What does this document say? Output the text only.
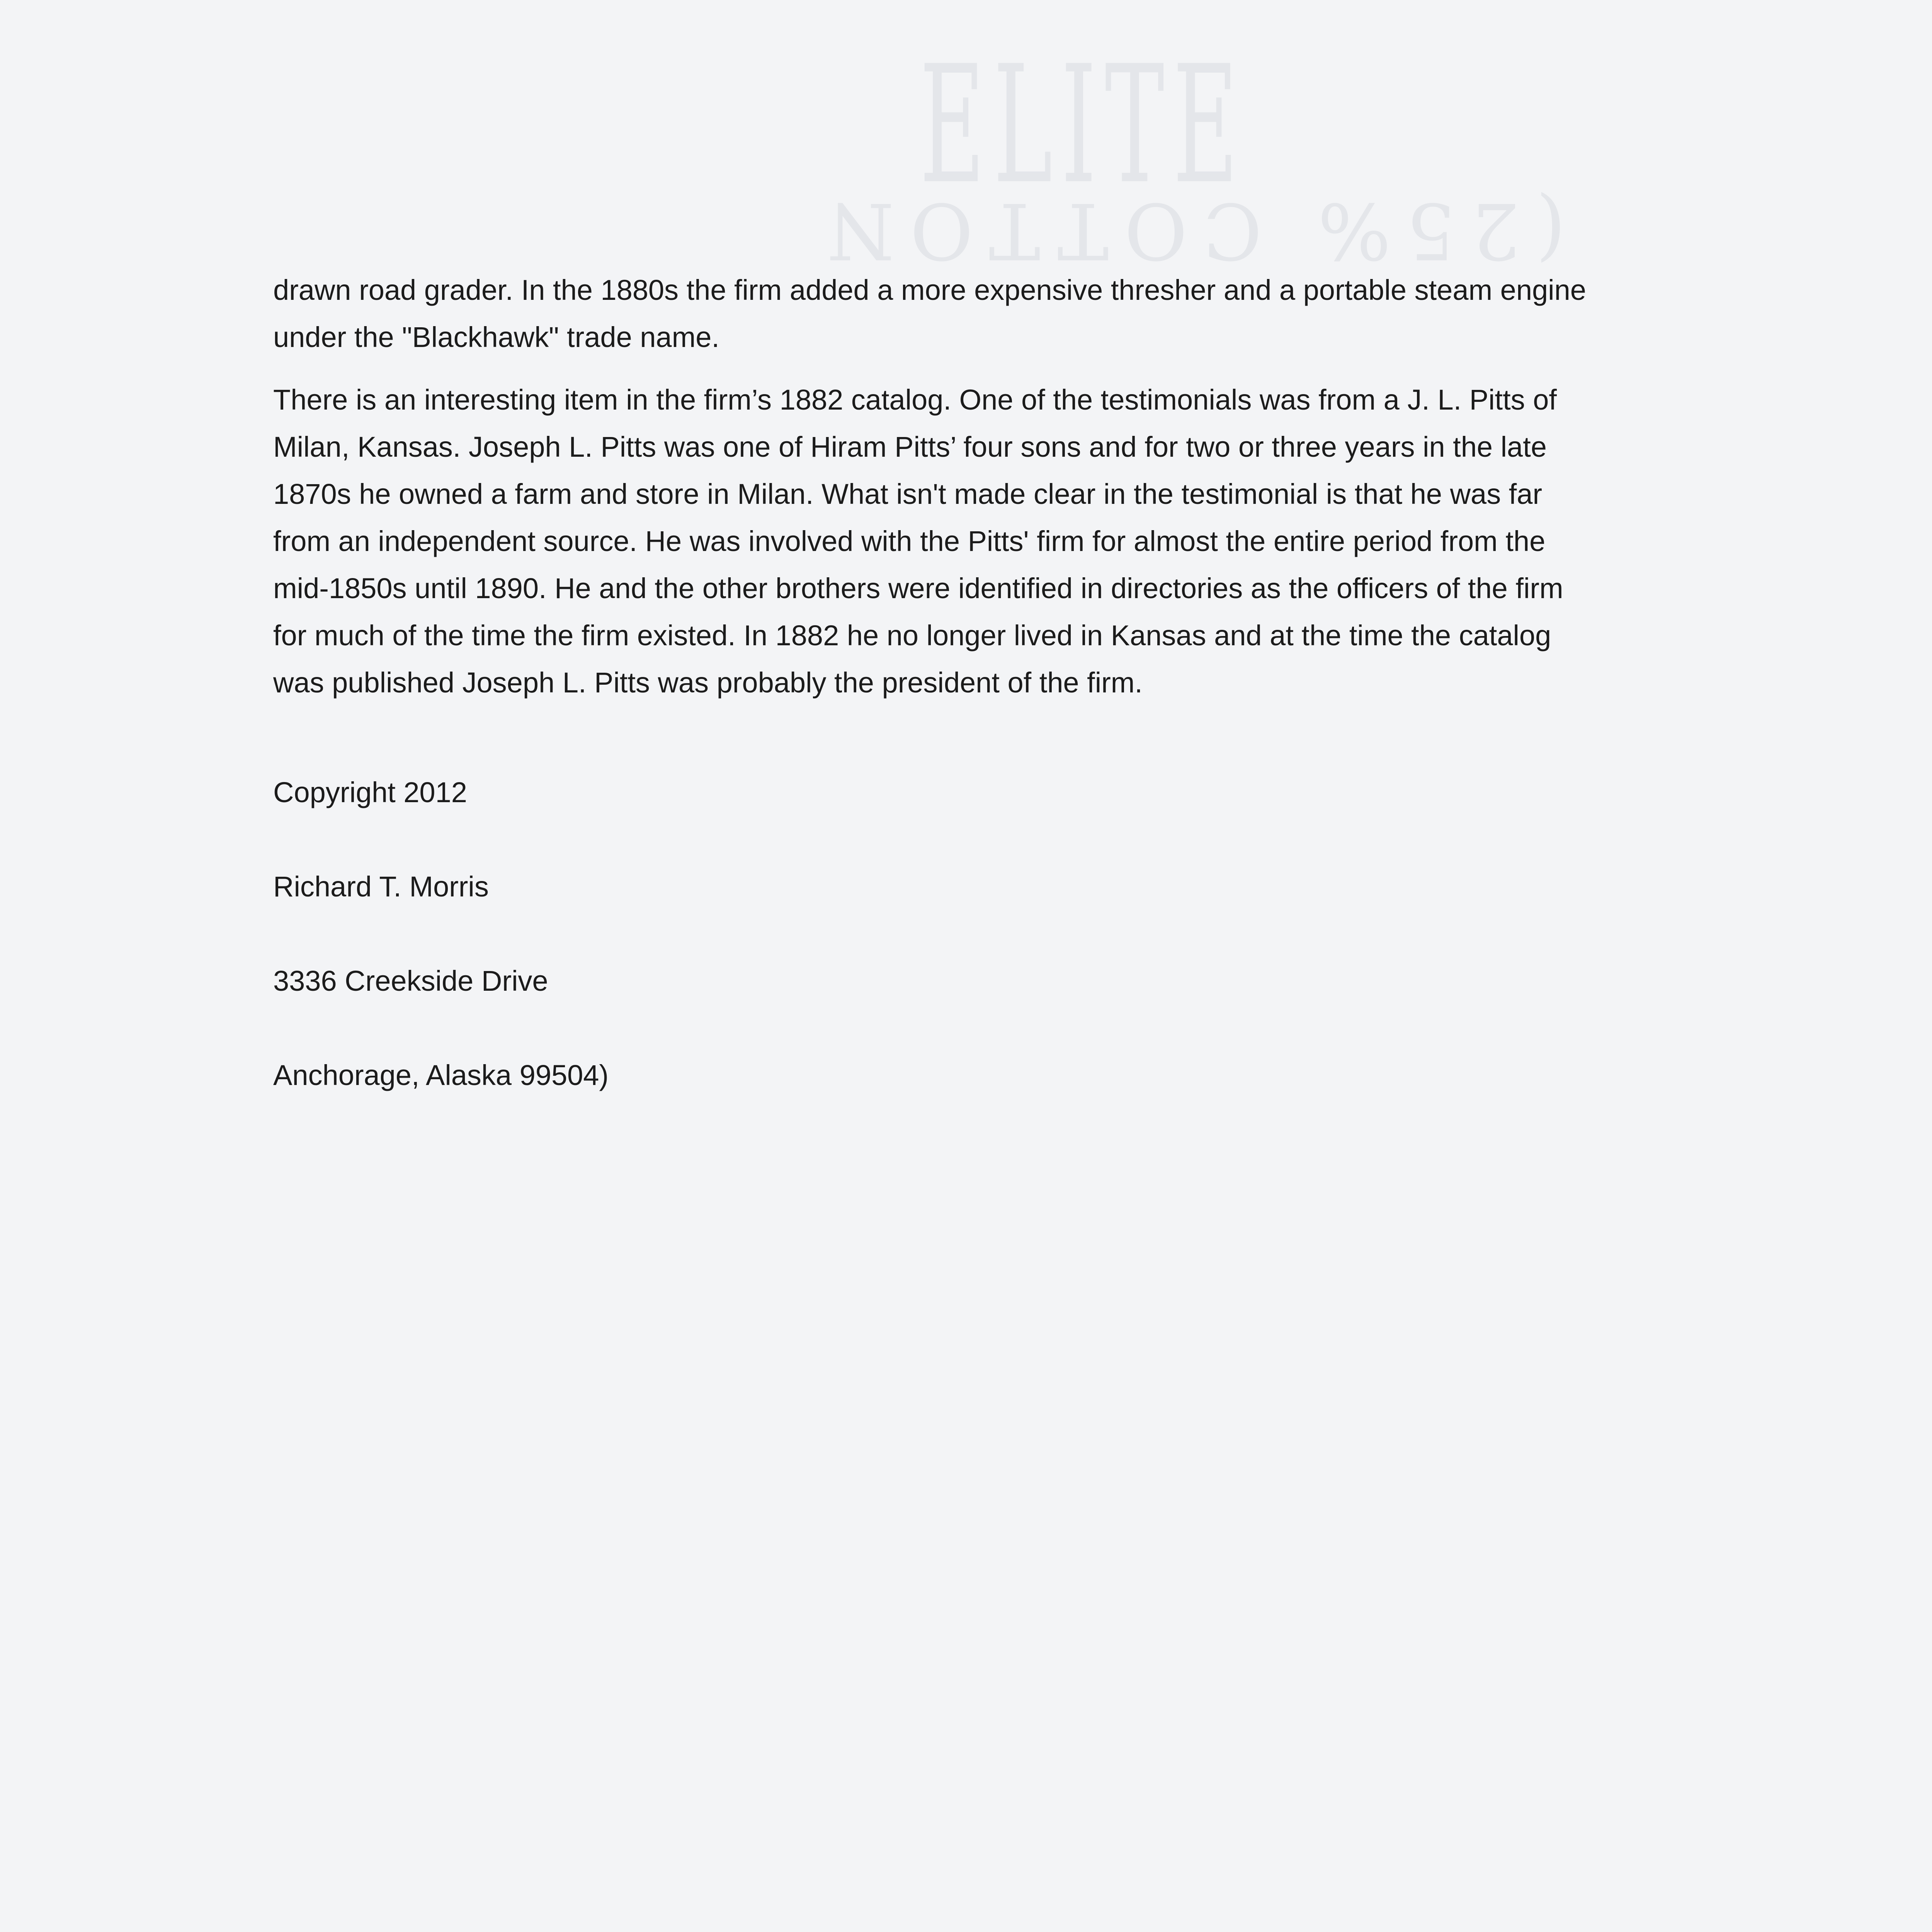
ELITE
(25% COTTON

drawn road grader. In the 1880s the firm added a more expensive thresher and a portable steam engine
under the "Blackhawk" trade name.

There is an interesting item in the firm’s 1882 catalog. One of the testimonials was from a J. L. Pitts of
Milan, Kansas. Joseph L. Pitts was one of Hiram Pitts’ four sons and for two or three years in the late
1870s he owned a farm and store in Milan. What isn't made clear in the testimonial is that he was far
from an independent source. He was involved with the Pitts' firm for almost the entire period from the
mid-1850s until 1890. He and the other brothers were identified in directories as the officers of the firm
for much of the time the firm existed. In 1882 he no longer lived in Kansas and at the time the catalog
was published Joseph L. Pitts was probably the president of the firm.

Copyright 2012

Richard T. Morris

3336 Creekside Drive

Anchorage, Alaska 99504)
